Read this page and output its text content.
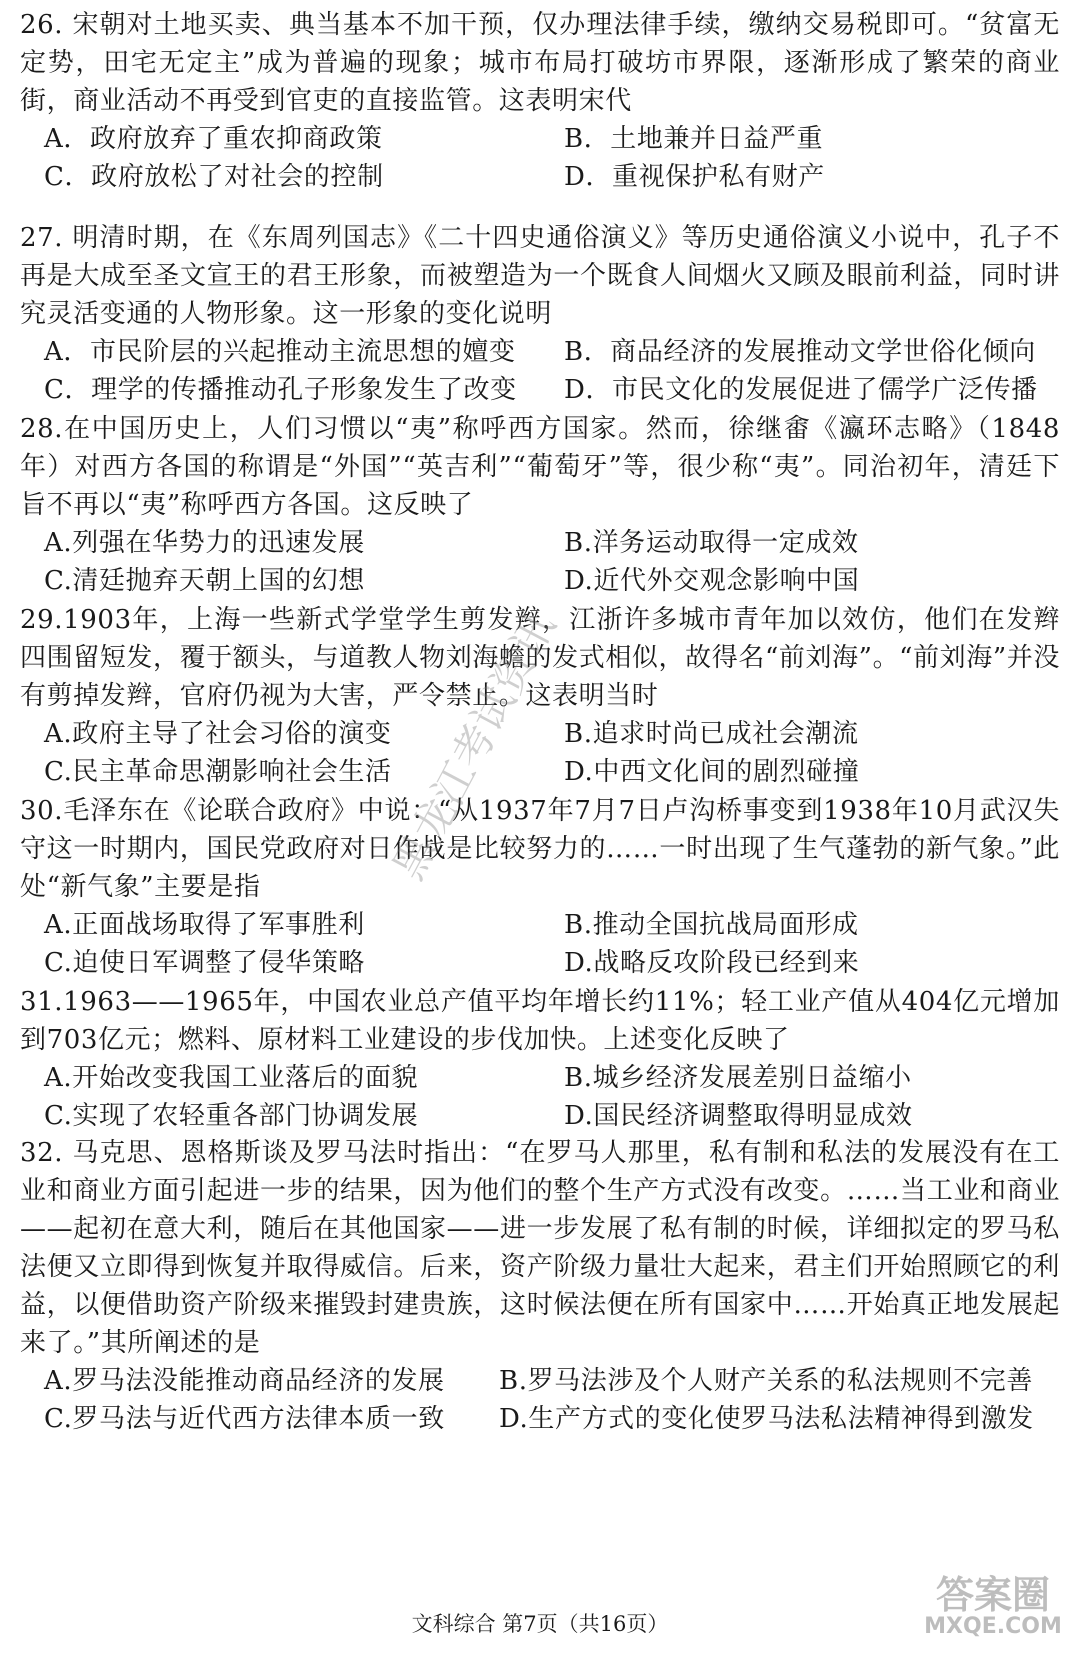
26. 宋朝对土地买卖、典当基本不加干预，仅办理法律手续，缴纳交易税即可。“贫富无定势，田宅无定主”成为普遍的现象；城市布局打破坊市界限，逐渐形成了繁荣的商业街，商业活动不再受到官吏的直接监管。这表明宋代

A．政府放弃了重农抑商政策	B．土地兼并日益严重
C．政府放松了对社会的控制	D．重视保护私有财产

27. 明清时期，在《东周列国志》《二十四史通俗演义》等历史通俗演义小说中，孔子不再是大成至圣文宣王的君王形象，而被塑造为一个既食人间烟火又顾及眼前利益，同时讲究灵活变通的人物形象。这一形象的变化说明

A．市民阶层的兴起推动主流思想的嬗变	B．商品经济的发展推动文学世俗化倾向
C．理学的传播推动孔子形象发生了改变	D．市民文化的发展促进了儒学广泛传播

28.在中国历史上，人们习惯以“夷”称呼西方国家。然而，徐继畬《瀛环志略》（1848年）对西方各国的称谓是“外国”“英吉利”“葡萄牙”等，很少称“夷”。同治初年，清廷下旨不再以“夷”称呼西方各国。这反映了

A.列强在华势力的迅速发展	B.洋务运动取得一定成效
C.清廷抛弃天朝上国的幻想	D.近代外交观念影响中国

29.1903年，上海一些新式学堂学生剪发辫，江浙许多城市青年加以效仿，他们在发辫四围留短发，覆于额头，与道教人物刘海蟾的发式相似，故得名“前刘海”。“前刘海”并没有剪掉发辫，官府仍视为大害，严令禁止。这表明当时

A.政府主导了社会习俗的演变	B.追求时尚已成社会潮流
C.民主革命思潮影响社会生活	D.中西文化间的剧烈碰撞

30.毛泽东在《论联合政府》中说：“从1937年7月7日卢沟桥事变到1938年10月武汉失守这一时期内，国民党政府对日作战是比较努力的……一时出现了生气蓬勃的新气象。”此处“新气象”主要是指

A.正面战场取得了军事胜利	B.推动全国抗战局面形成
C.迫使日军调整了侵华策略	D.战略反攻阶段已经到来

31.1963——1965年，中国农业总产值平均年增长约11%；轻工业产值从404亿元增加到703亿元；燃料、原材料工业建设的步伐加快。上述变化反映了

A.开始改变我国工业落后的面貌	B.城乡经济发展差别日益缩小
C.实现了农轻重各部门协调发展	D.国民经济调整取得明显成效

32. 马克思、恩格斯谈及罗马法时指出：“在罗马人那里，私有制和私法的发展没有在工业和商业方面引起进一步的结果，因为他们的整个生产方式没有改变。……当工业和商业——起初在意大利，随后在其他国家——进一步发展了私有制的时候，详细拟定的罗马私法便又立即得到恢复并取得威信。后来，资产阶级力量壮大起来，君主们开始照顾它的利益，以便借助资产阶级来摧毁封建贵族，这时候法便在所有国家中……开始真正地发展起来了。”其所阐述的是

A.罗马法没能推动商品经济的发展	B.罗马法涉及个人财产关系的私法规则不完善
C.罗马法与近代西方法律本质一致	D.生产方式的变化使罗马法私法精神得到激发
黑龙江考试资讯
答案圈
MXQE.COM
文科综合 第7页（共16页）
